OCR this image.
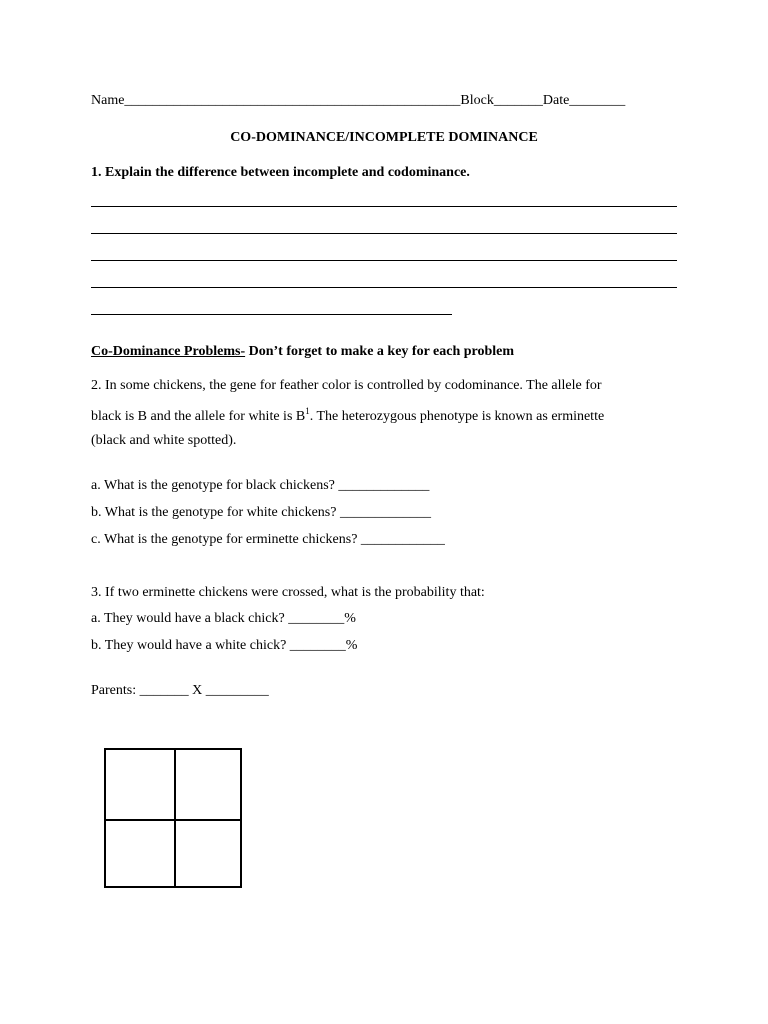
Name________________________________________________Block_______Date________
CO-DOMINANCE/INCOMPLETE DOMINANCE
1. Explain the difference between incomplete and codominance.
Co-Dominance Problems- Don’t forget to make a key for each problem
2. In some chickens, the gene for feather color is controlled by codominance. The allele for
black is B and the allele for white is $B^1$. The heterozygous phenotype is known as erminette
(black and white spotted).
a. What is the genotype for black chickens? _____________
b. What is the genotype for white chickens? _____________
c. What is the genotype for erminette chickens? ____________
3. If two erminette chickens were crossed, what is the probability that:
a. They would have a black chick? ________%
b. They would have a white chick? ________%
Parents: _______ X _________
